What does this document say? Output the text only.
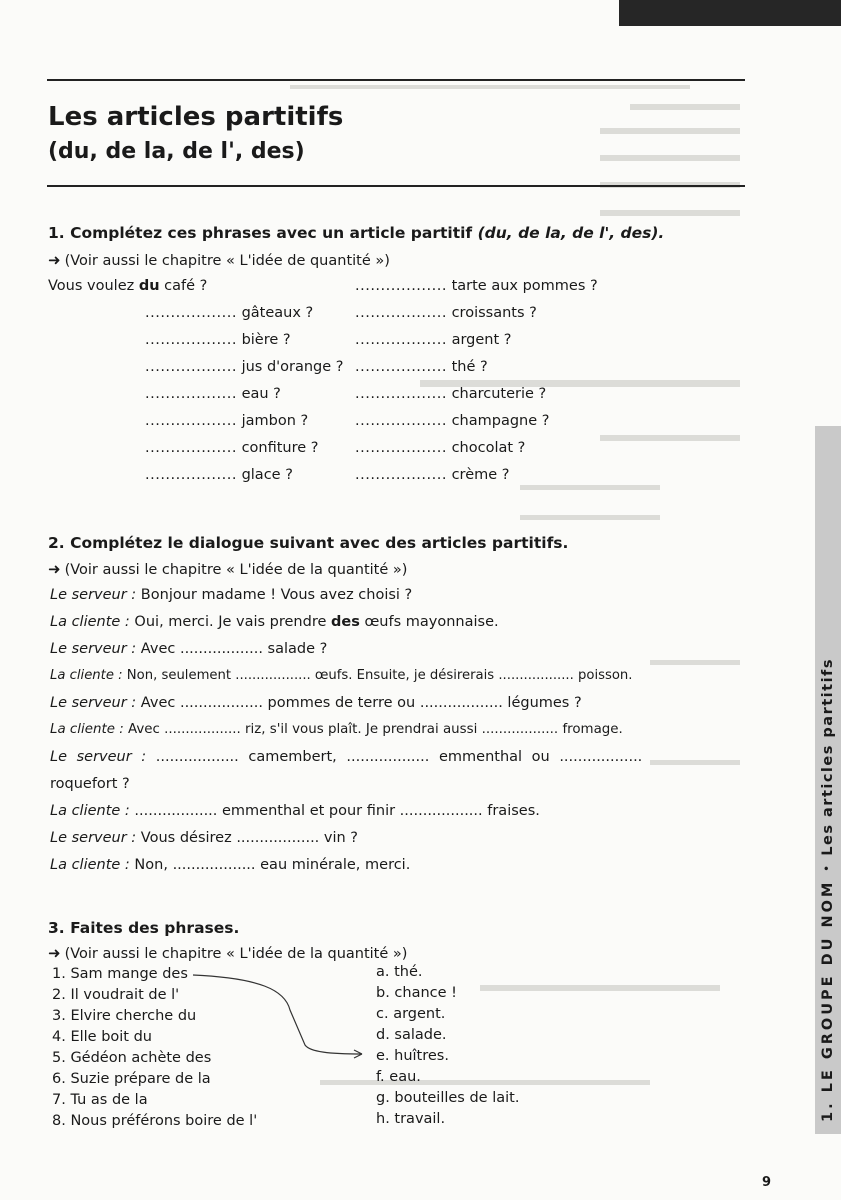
Les articles partitifs
(du, de la, de l', des)
1. Complétez ces phrases avec un article partitif (du, de la, de l', des).
➜ (Voir aussi le chapitre « L'idée de quantité »)
Vous voulez du café ?	.................. tarte aux pommes ?
.................. gâteaux ?	.................. croissants ?
.................. bière ?	.................. argent ?
.................. jus d'orange ? .................. thé ?
.................. eau ?	.................. charcuterie ?
.................. jambon ?	.................. champagne ?
.................. confiture ?	.................. chocolat ?
.................. glace ?	.................. crème ?
2. Complétez le dialogue suivant avec des articles partitifs.
➜ (Voir aussi le chapitre « L'idée de la quantité »)
Le serveur : Bonjour madame ! Vous avez choisi ?
La cliente : Oui, merci. Je vais prendre des œufs mayonnaise.
Le serveur : Avec .................. salade ?
La cliente : Non, seulement .................. œufs. Ensuite, je désirerais .................. poisson.
Le serveur : Avec .................. pommes de terre ou .................. légumes ?
La cliente : Avec .................. riz, s'il vous plaît. Je prendrai aussi .................. fromage.
Le serveur : .................. camembert, .................. emmenthal ou ..................
roquefort ?
La cliente : .................. emmenthal et pour finir .................. fraises.
Le serveur : Vous désirez .................. vin ?
La cliente : Non, .................. eau minérale, merci.
3. Faites des phrases.
➜ (Voir aussi le chapitre « L'idée de la quantité »)
1. Sam mange des
2. Il voudrait de l'
3. Elvire cherche du
4. Elle boit du
5. Gédéon achète des
6. Suzie prépare de la
7. Tu as de la
8. Nous préférons boire de l'
a. thé.
b. chance !
c. argent.
d. salade.
e. huîtres.
f. eau.
g. bouteilles de lait.
h. travail.	1. LE GROUPE DU NOM
•
Les articles partitifs
9
